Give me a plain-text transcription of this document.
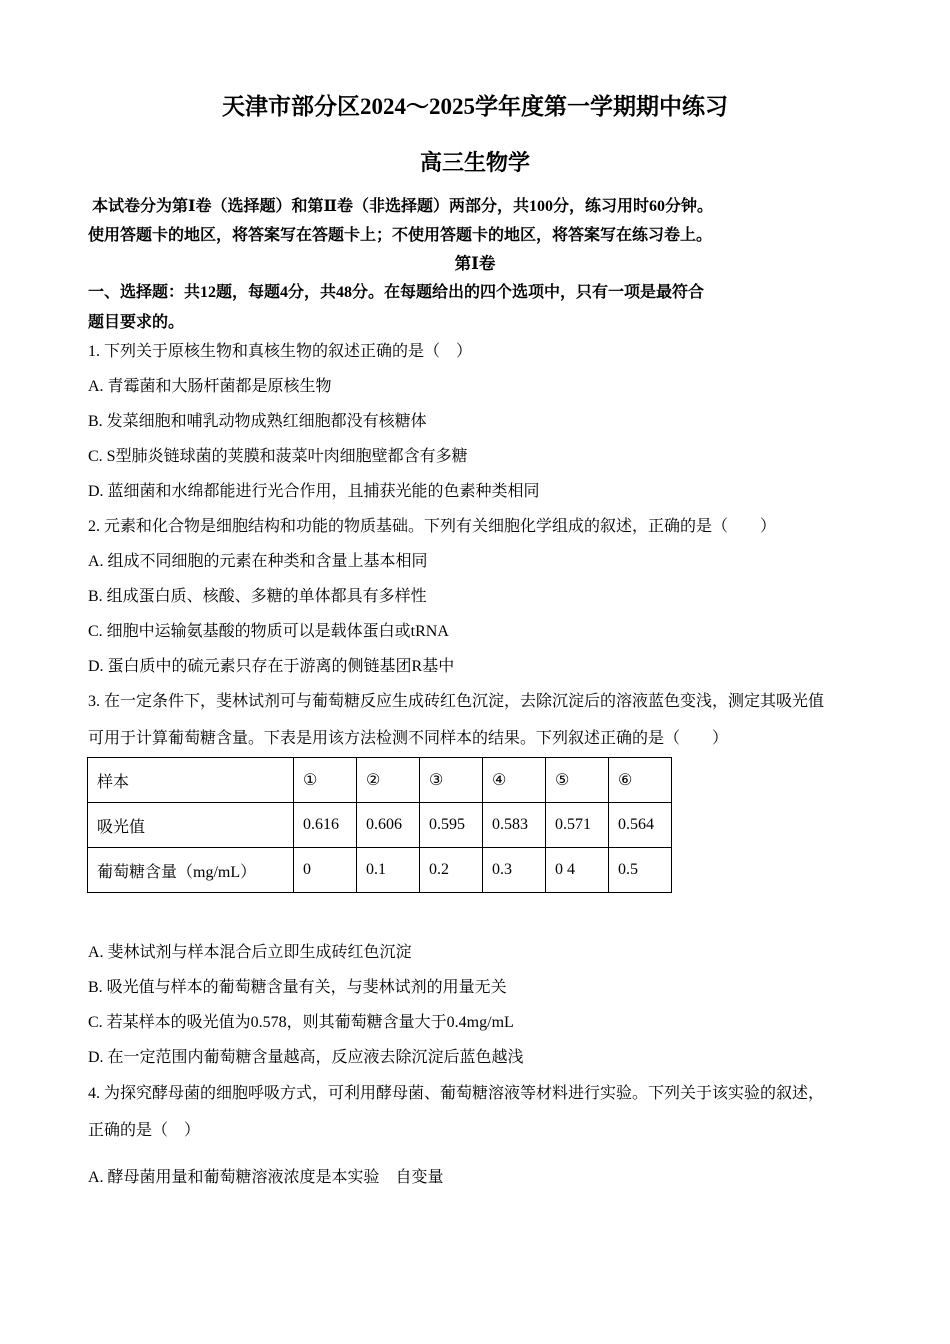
天津市部分区2024～2025学年度第一学期期中练习
高三生物学
本试卷分为第Ⅰ卷（选择题）和第Ⅱ卷（非选择题）两部分，共100分，练习用时60分钟。
使用答题卡的地区，将答案写在答题卡上；不使用答题卡的地区，将答案写在练习卷上。
第Ⅰ卷
一、选择题：共12题，每题4分，共48分。在每题给出的四个选项中，只有一项是最符合
题目要求的。
1. 下列关于原核生物和真核生物的叙述正确的是（　）
A. 青霉菌和大肠杆菌都是原核生物
B. 发菜细胞和哺乳动物成熟红细胞都没有核糖体
C. S型肺炎链球菌的荚膜和菠菜叶肉细胞壁都含有多糖
D. 蓝细菌和水绵都能进行光合作用，且捕获光能的色素种类相同
2. 元素和化合物是细胞结构和功能的物质基础。下列有关细胞化学组成的叙述，正确的是（　　）
A. 组成不同细胞的元素在种类和含量上基本相同
B. 组成蛋白质、核酸、多糖的单体都具有多样性
C. 细胞中运输氨基酸的物质可以是载体蛋白或tRNA
D. 蛋白质中的硫元素只存在于游离的侧链基团R基中
3. 在一定条件下，斐林试剂可与葡萄糖反应生成砖红色沉淀，去除沉淀后的溶液蓝色变浅，测定其吸光值
可用于计算葡萄糖含量。下表是用该方法检测不同样本的结果。下列叙述正确的是（　　）
样本	①	②	③	④	⑤	⑥
吸光值	0.616	0.606	0.595	0.583	0.571	0.564
葡萄糖含量（mg/mL）	0	0.1	0.2	0.3	0 4	0.5
A. 斐林试剂与样本混合后立即生成砖红色沉淀
B. 吸光值与样本的葡萄糖含量有关，与斐林试剂的用量无关
C. 若某样本的吸光值为0.578，则其葡萄糖含量大于0.4mg/mL
D. 在一定范围内葡萄糖含量越高，反应液去除沉淀后蓝色越浅
4. 为探究酵母菌的细胞呼吸方式，可利用酵母菌、葡萄糖溶液等材料进行实验。下列关于该实验的叙述，
正确的是（　）
A. 酵母菌用量和葡萄糖溶液浓度是本实验　自变量
